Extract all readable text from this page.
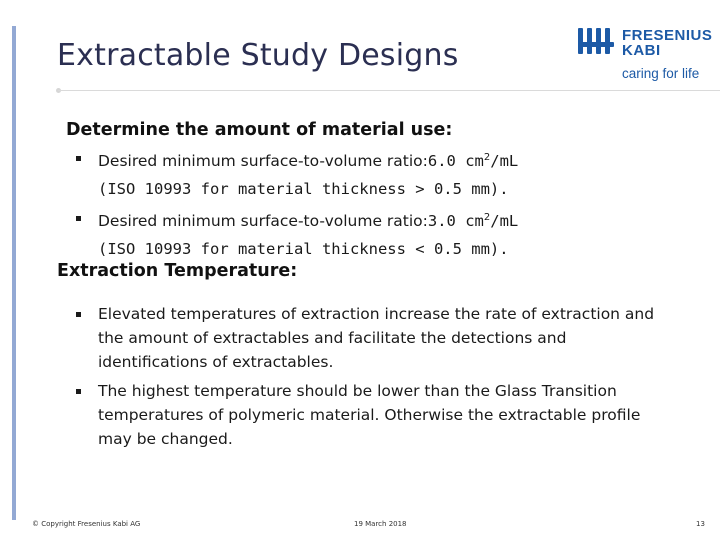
Extractable Study Designs
FRESENIUS
KABI
caring for life
Determine the amount of material use:
Desired minimum surface-to-volume ratio:6.0 $cm^2/mL$
(ISO 10993 for material thickness > 0.5 mm).
Desired minimum surface-to-volume ratio:3.0 $cm^2/mL$
(ISO 10993 for material thickness < 0.5 mm).
Extraction Temperature:
Elevated temperatures of extraction increase the rate of extraction and the amount of extractables and facilitate the detections and identifications of extractables.
The highest temperature should be lower than the Glass Transition temperatures of polymeric material. Otherwise the extractable profile may be changed.
© Copyright Fresenius Kabi AG	19 March 2018	13
